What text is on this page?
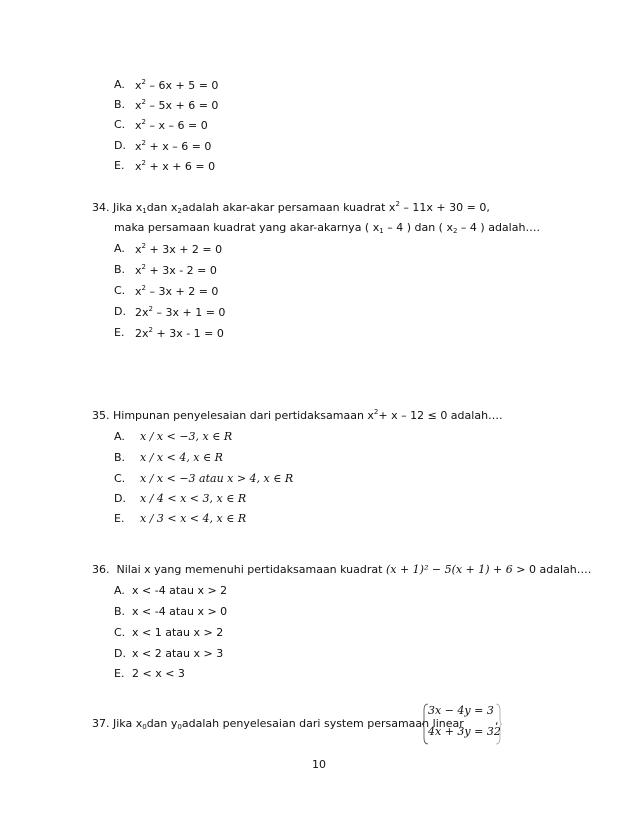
A. $x^2 - 6x + 5 = 0$
B. $x^2 - 5x + 6 = 0$
C. $x^2 - x - 6 = 0$
D. $x^2 + x - 6 = 0$
E. $x^2 + x + 6 = 0$
34. Jika $x_1dan$ $x_2adalah$ akar-akar persamaan kuadrat $x^2 - 11x + 30 = 0$,
maka persamaan kuadrat yang akar-akarnya ( $x_1 - 4$ ) dan ( $x_2 - 4$ ) adalah….
A. $x^2 + 3x + 2 = 0$
B. $x^2 + 3x - 2 = 0$
C. $x^2 - 3x + 2 = 0$
D. $2x^2 - 3x + 1 = 0$
E. $2x^2 + 3x - 1 = 0$
35. Himpunan penyelesaian dari pertidaksamaan $x^2+ x - 12 \le 0$ adalah….
A. x / x < −3, x ∈ R
B. x / x < 4, x ∈ R
C. x / x < −3 atau x > 4, x ∈ R
D. x / 4 < x < 3, x ∈ R
E. x / 3 < x < 4, x ∈ R
36. Nilai x yang memenuhi pertidaksamaan kuadrat (x + 1)² − 5(x + 1) + 6 > 0 adalah….
A. x < -4 atau x > 2
B. x < -4 atau x > 0
C. x < 1 atau x > 2
D. x < 2 atau x > 3
E. 2 < x < 3
37. Jika $x_0dan$ $y_0adalah$ penyelesaian dari system persamaan linear
3x − 4y = 3
4x + 3y = 32
,
10
